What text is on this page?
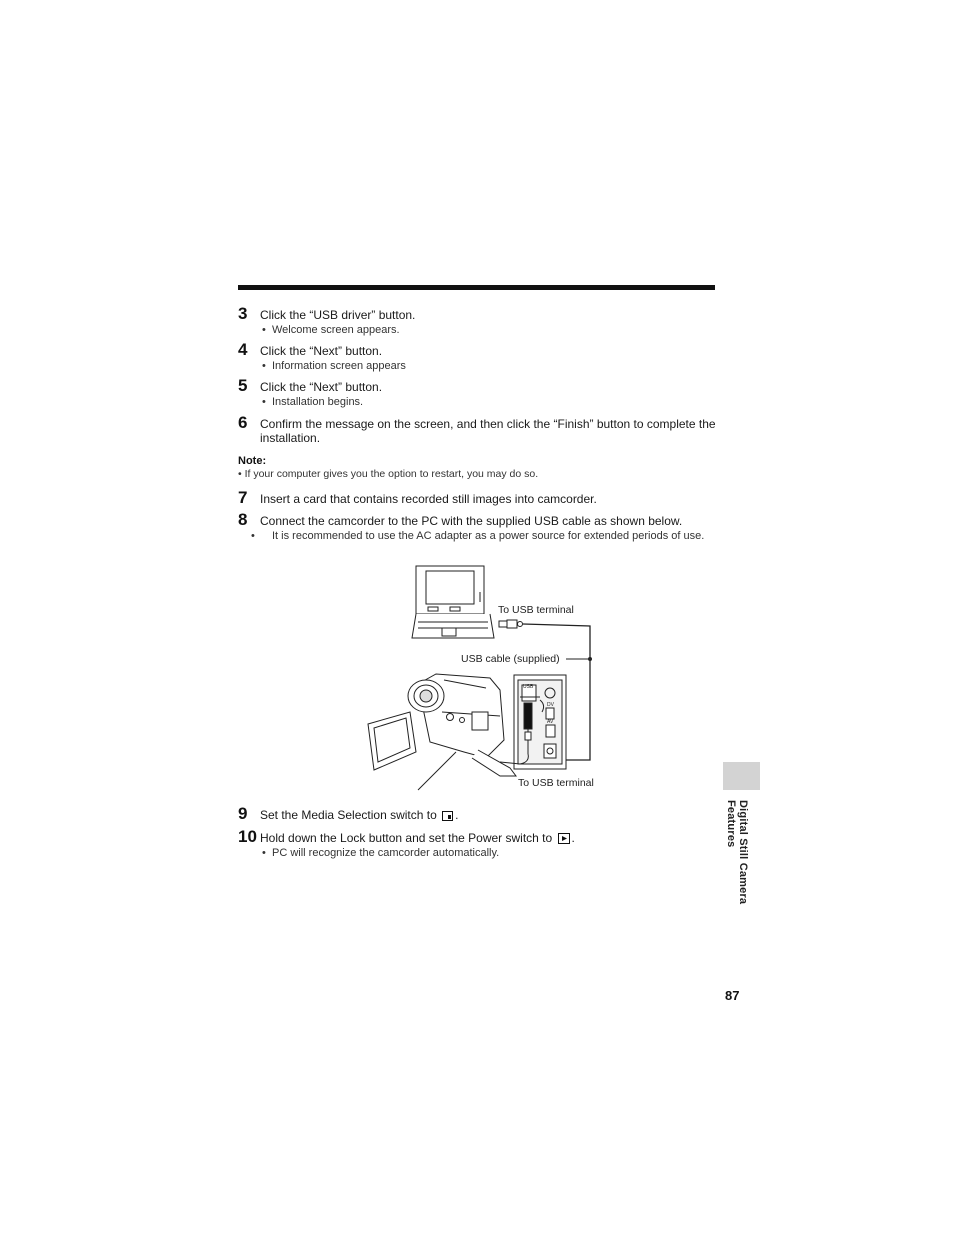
3 Click the “USB driver” button.
• Welcome screen appears.
4 Click the “Next” button.
• Information screen appears
5 Click the “Next” button.
• Installation begins.
6 Confirm the message on the screen, and then click the “Finish” button to complete the installation.
Note:
• If your computer gives you the option to restart, you may do so.
7 Insert a card that contains recorded still images into camcorder.
8 Connect the camcorder to the PC with the supplied USB cable as shown below.
• It is recommended to use the AC adapter as a power source for extended periods of use.
To USB terminal
USB cable (supplied)
To USB terminal
USB
DV
AV
9 Set the Media Selection switch to .
10 Hold down the Lock button and set the Power switch to .
• PC will recognize the camcorder automatically.	Digital Still Camera Features
87
